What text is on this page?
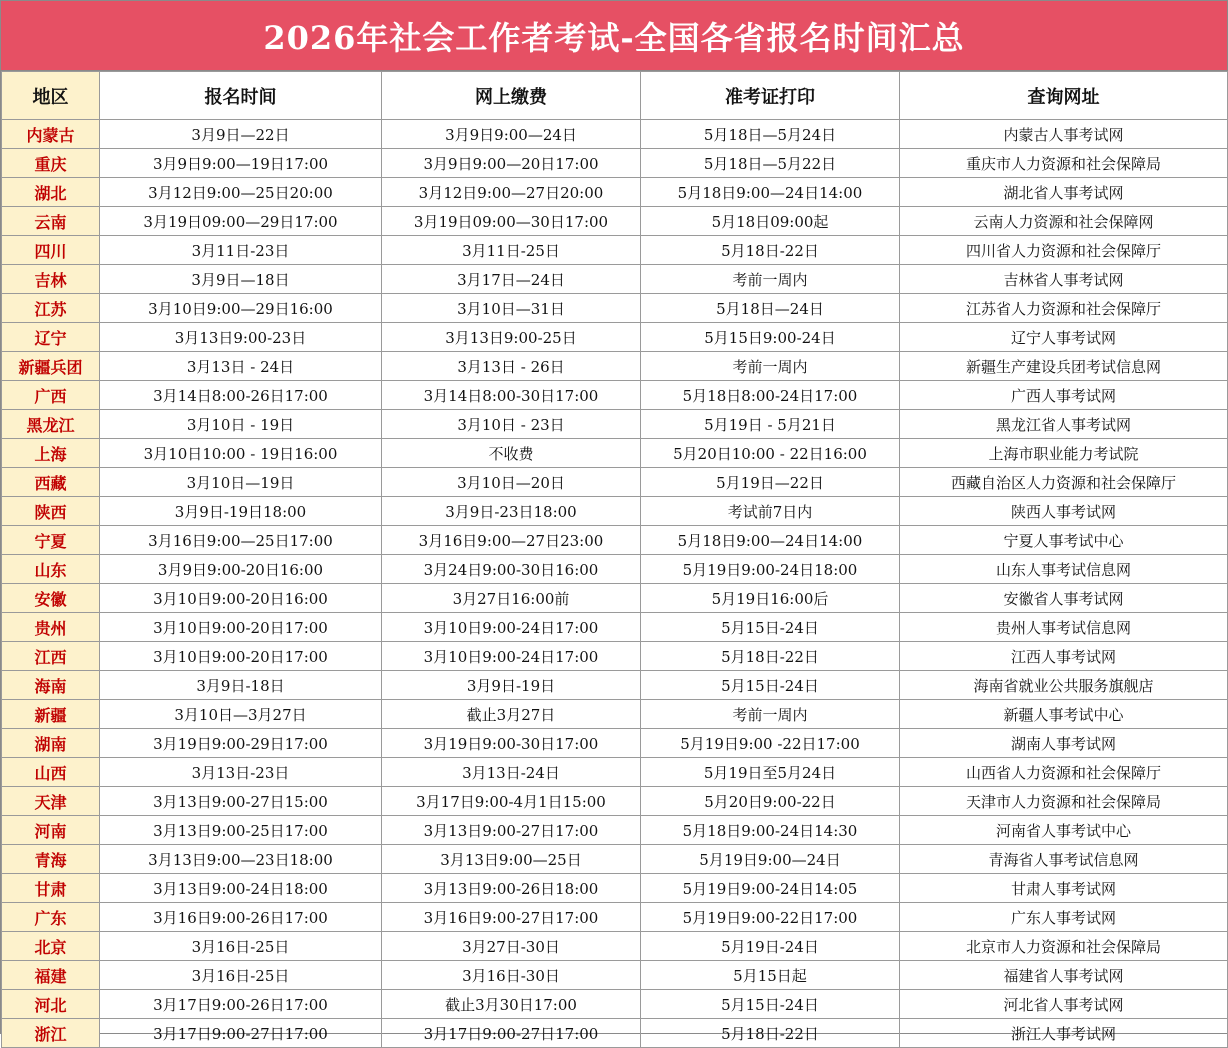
2026年社会工作者考试-全国各省报名时间汇总
地区	报名时间	网上缴费	准考证打印	查询网址
内蒙古	3月9日—22日	3月9日9:00—24日	5月18日—5月24日	内蒙古人事考试网
重庆	3月9日9:00—19日17:00	3月9日9:00—20日17:00	5月18日—5月22日	重庆市人力资源和社会保障局
湖北	3月12日9:00—25日20:00	3月12日9:00—27日20:00	5月18日9:00—24日14:00	湖北省人事考试网
云南	3月19日09:00—29日17:00	3月19日09:00—30日17:00	5月18日09:00起	云南人力资源和社会保障网
四川	3月11日-23日	3月11日-25日	5月18日-22日	四川省人力资源和社会保障厅
吉林	3月9日—18日	3月17日—24日	考前一周内	吉林省人事考试网
江苏	3月10日9:00—29日16:00	3月10日—31日	5月18日—24日	江苏省人力资源和社会保障厅
辽宁	3月13日9:00-23日	3月13日9:00-25日	5月15日9:00-24日	辽宁人事考试网
新疆兵团	3月13日 - 24日	3月13日 - 26日	考前一周内	新疆生产建设兵团考试信息网
广西	3月14日8:00-26日17:00	3月14日8:00-30日17:00	5月18日8:00-24日17:00	广西人事考试网
黑龙江	3月10日 - 19日	3月10日 - 23日	5月19日 - 5月21日	黑龙江省人事考试网
上海	3月10日10:00 - 19日16:00	不收费	5月20日10:00 - 22日16:00	上海市职业能力考试院
西藏	3月10日—19日	3月10日—20日	5月19日—22日	西藏自治区人力资源和社会保障厅
陕西	3月9日-19日18:00	3月9日-23日18:00	考试前7日内	陕西人事考试网
宁夏	3月16日9:00—25日17:00	3月16日9:00—27日23:00	5月18日9:00—24日14:00	宁夏人事考试中心
山东	3月9日9:00-20日16:00	3月24日9:00-30日16:00	5月19日9:00-24日18:00	山东人事考试信息网
安徽	3月10日9:00-20日16:00	3月27日16:00前	5月19日16:00后	安徽省人事考试网
贵州	3月10日9:00-20日17:00	3月10日9:00-24日17:00	5月15日-24日	贵州人事考试信息网
江西	3月10日9:00-20日17:00	3月10日9:00-24日17:00	5月18日-22日	江西人事考试网
海南	3月9日-18日	3月9日-19日	5月15日-24日	海南省就业公共服务旗舰店
新疆	3月10日—3月27日	截止3月27日	考前一周内	新疆人事考试中心
湖南	3月19日9:00-29日17:00	3月19日9:00-30日17:00	5月19日9:00 -22日17:00	湖南人事考试网
山西	3月13日-23日	3月13日-24日	5月19日至5月24日	山西省人力资源和社会保障厅
天津	3月13日9:00-27日15:00	3月17日9:00-4月1日15:00	5月20日9:00-22日	天津市人力资源和社会保障局
河南	3月13日9:00-25日17:00	3月13日9:00-27日17:00	5月18日9:00-24日14:30	河南省人事考试中心
青海	3月13日9:00—23日18:00	3月13日9:00—25日	5月19日9:00—24日	青海省人事考试信息网
甘肃	3月13日9:00-24日18:00	3月13日9:00-26日18:00	5月19日9:00-24日14:05	甘肃人事考试网
广东	3月16日9:00-26日17:00	3月16日9:00-27日17:00	5月19日9:00-22日17:00	广东人事考试网
北京	3月16日-25日	3月27日-30日	5月19日-24日	北京市人力资源和社会保障局
福建	3月16日-25日	3月16日-30日	5月15日起	福建省人事考试网
河北	3月17日9:00-26日17:00	截止3月30日17:00	5月15日-24日	河北省人事考试网
浙江	3月17日9:00-27日17:00	3月17日9:00-27日17:00	5月18日-22日	浙江人事考试网
